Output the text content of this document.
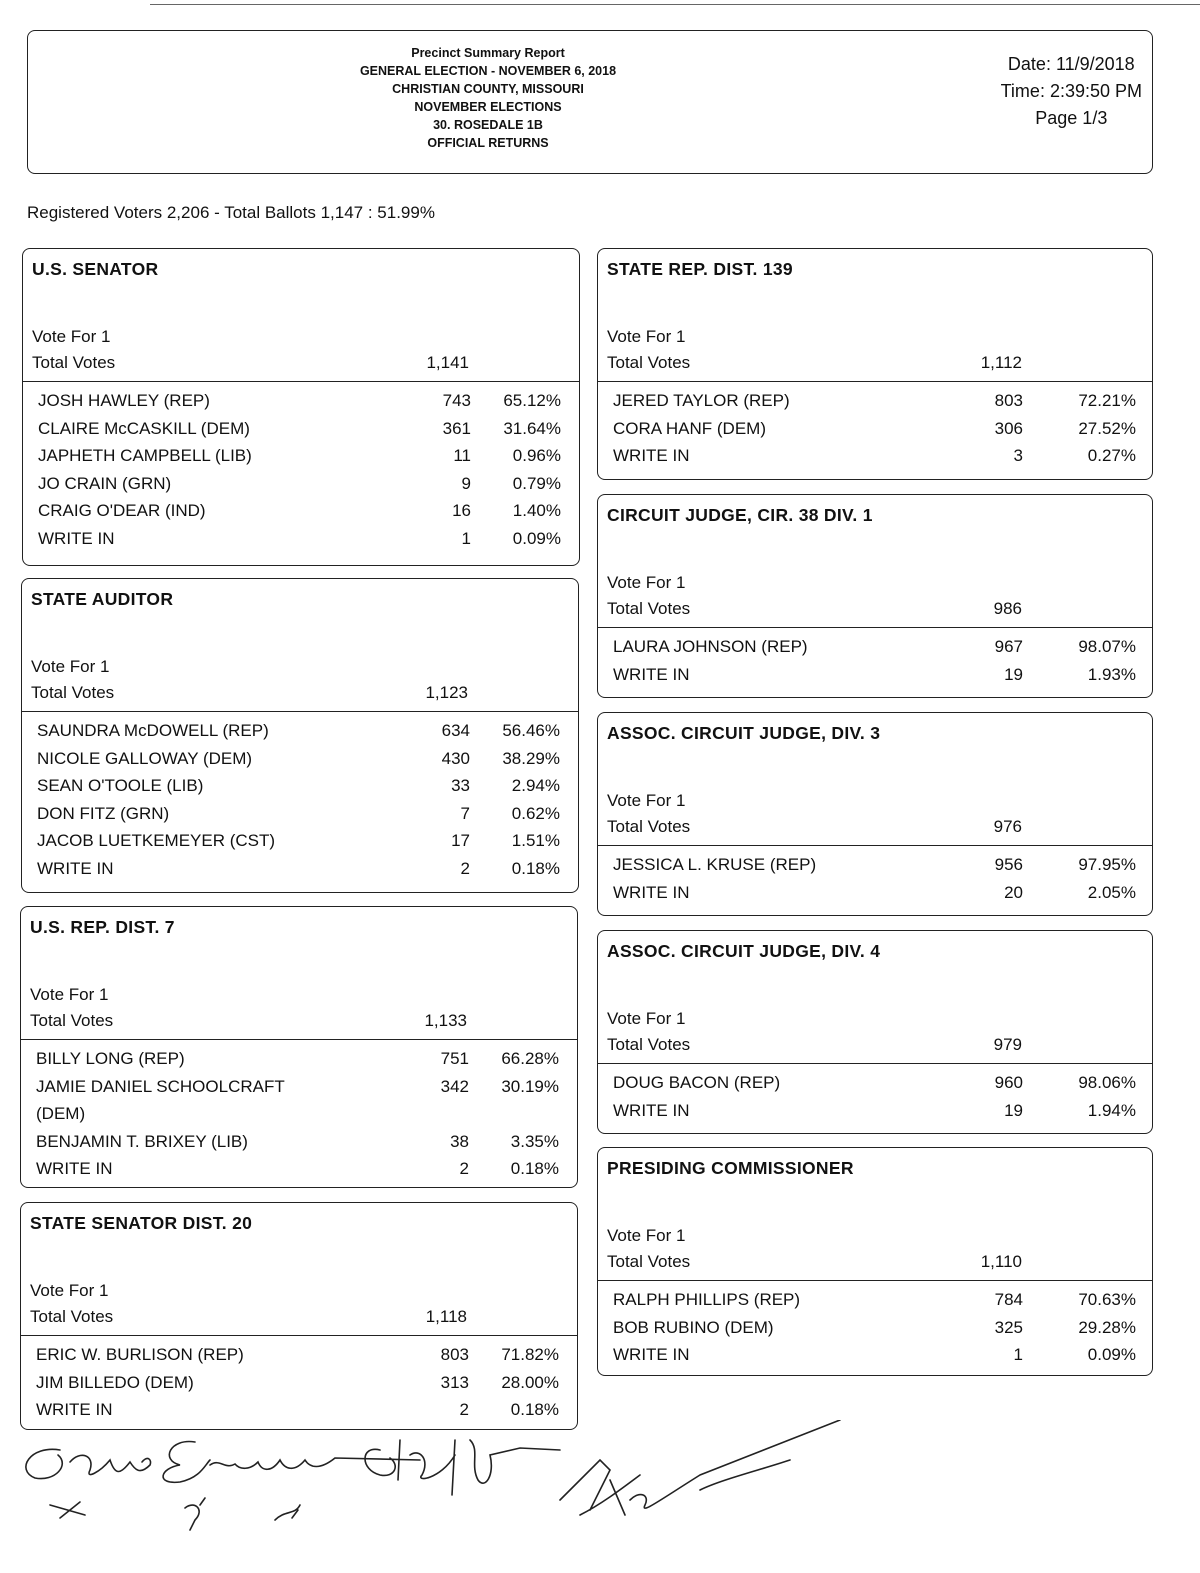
Precinct Summary Report
GENERAL ELECTION - NOVEMBER 6, 2018
CHRISTIAN COUNTY, MISSOURI
NOVEMBER ELECTIONS
30. ROSEDALE 1B
OFFICIAL RETURNS
Date: 11/9/2018
Time: 2:39:50 PM
Page 1/3
Registered Voters 2,206 - Total Ballots 1,147 : 51.99%
U.S. SENATOR
Vote For 1
Total Votes	1,141
JOSH HAWLEY (REP)	743	65.12%
CLAIRE McCASKILL (DEM)	361	31.64%
JAPHETH CAMPBELL (LIB)	11	0.96%
JO CRAIN (GRN)	9	0.79%
CRAIG O'DEAR (IND)	16	1.40%
WRITE IN	1	0.09%
STATE AUDITOR
Vote For 1
Total Votes	1,123
SAUNDRA McDOWELL (REP)	634	56.46%
NICOLE GALLOWAY (DEM)	430	38.29%
SEAN O'TOOLE (LIB)	33	2.94%
DON FITZ (GRN)	7	0.62%
JACOB LUETKEMEYER (CST)	17	1.51%
WRITE IN	2	0.18%
U.S. REP. DIST. 7
Vote For 1
Total Votes	1,133
BILLY LONG (REP)	751	66.28%
JAMIE DANIEL SCHOOLCRAFT	342	30.19%
(DEM)
BENJAMIN T. BRIXEY (LIB)	38	3.35%
WRITE IN	2	0.18%
STATE SENATOR DIST. 20
Vote For 1
Total Votes	1,118
ERIC W. BURLISON (REP)	803	71.82%
JIM BILLEDO (DEM)	313	28.00%
WRITE IN	2	0.18%
STATE REP. DIST. 139
Vote For 1
Total Votes	1,112
JERED TAYLOR (REP)	803	72.21%
CORA HANF (DEM)	306	27.52%
WRITE IN	3	0.27%
CIRCUIT JUDGE, CIR. 38 DIV. 1
Vote For 1
Total Votes	986
LAURA JOHNSON (REP)	967	98.07%
WRITE IN	19	1.93%
ASSOC. CIRCUIT JUDGE, DIV. 3
Vote For 1
Total Votes	976
JESSICA L. KRUSE (REP)	956	97.95%
WRITE IN	20	2.05%
ASSOC. CIRCUIT JUDGE, DIV. 4
Vote For 1
Total Votes	979
DOUG BACON (REP)	960	98.06%
WRITE IN	19	1.94%
PRESIDING COMMISSIONER
Vote For 1
Total Votes	1,110
RALPH PHILLIPS (REP)	784	70.63%
BOB RUBINO (DEM)	325	29.28%
WRITE IN	1	0.09%
